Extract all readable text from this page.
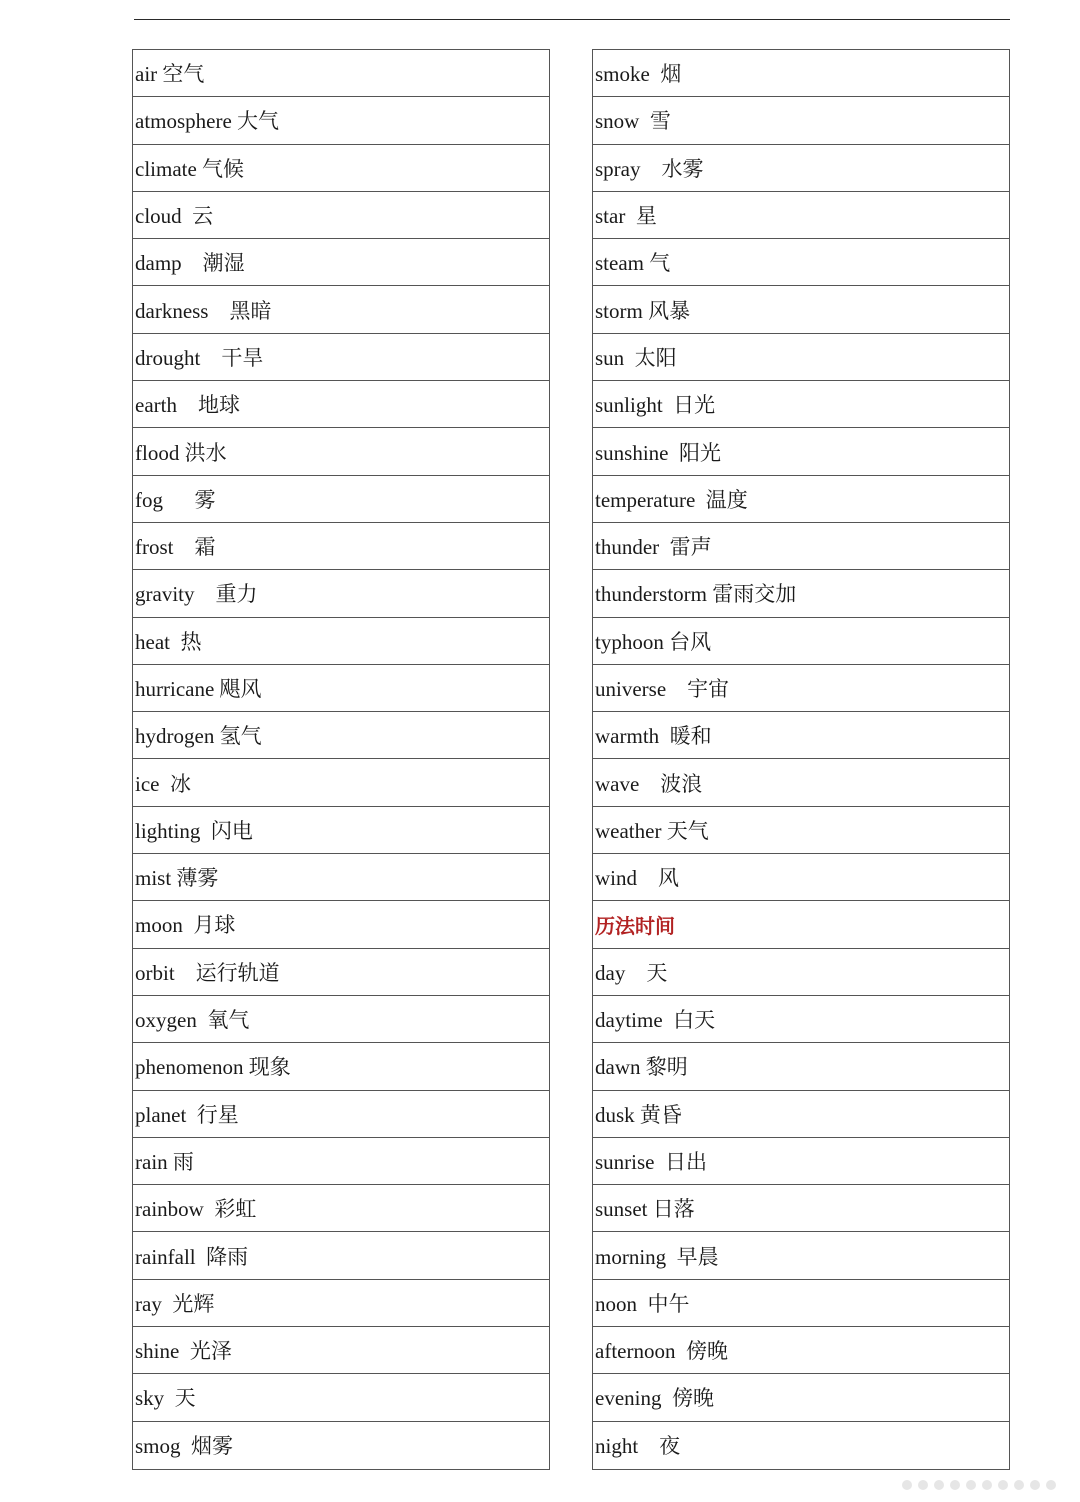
air 空气
atmosphere 大气
climate 气候
cloud  云
damp    潮湿
darkness    黑暗
drought    干旱
earth    地球
flood 洪水
fog      雾
frost    霜
gravity    重力
heat  热
hurricane 飓风
hydrogen 氢气
ice  冰
lighting  闪电
mist 薄雾
moon  月球
orbit    运行轨道
oxygen  氧气
phenomenon 现象
planet  行星
rain 雨
rainbow  彩虹
rainfall  降雨
ray  光辉
shine  光泽
sky  天
smog  烟雾
smoke  烟
snow  雪
spray    水雾
star  星
steam 气
storm 风暴
sun  太阳
sunlight  日光
sunshine  阳光
temperature  温度
thunder  雷声
thunderstorm 雷雨交加
typhoon 台风
universe    宇宙
warmth  暖和
wave    波浪
weather 天气
wind    风
历法时间
day    天
daytime  白天
dawn 黎明
dusk 黄昏
sunrise  日出
sunset 日落
morning  早晨
noon  中午
afternoon  傍晚
evening  傍晚
night    夜
